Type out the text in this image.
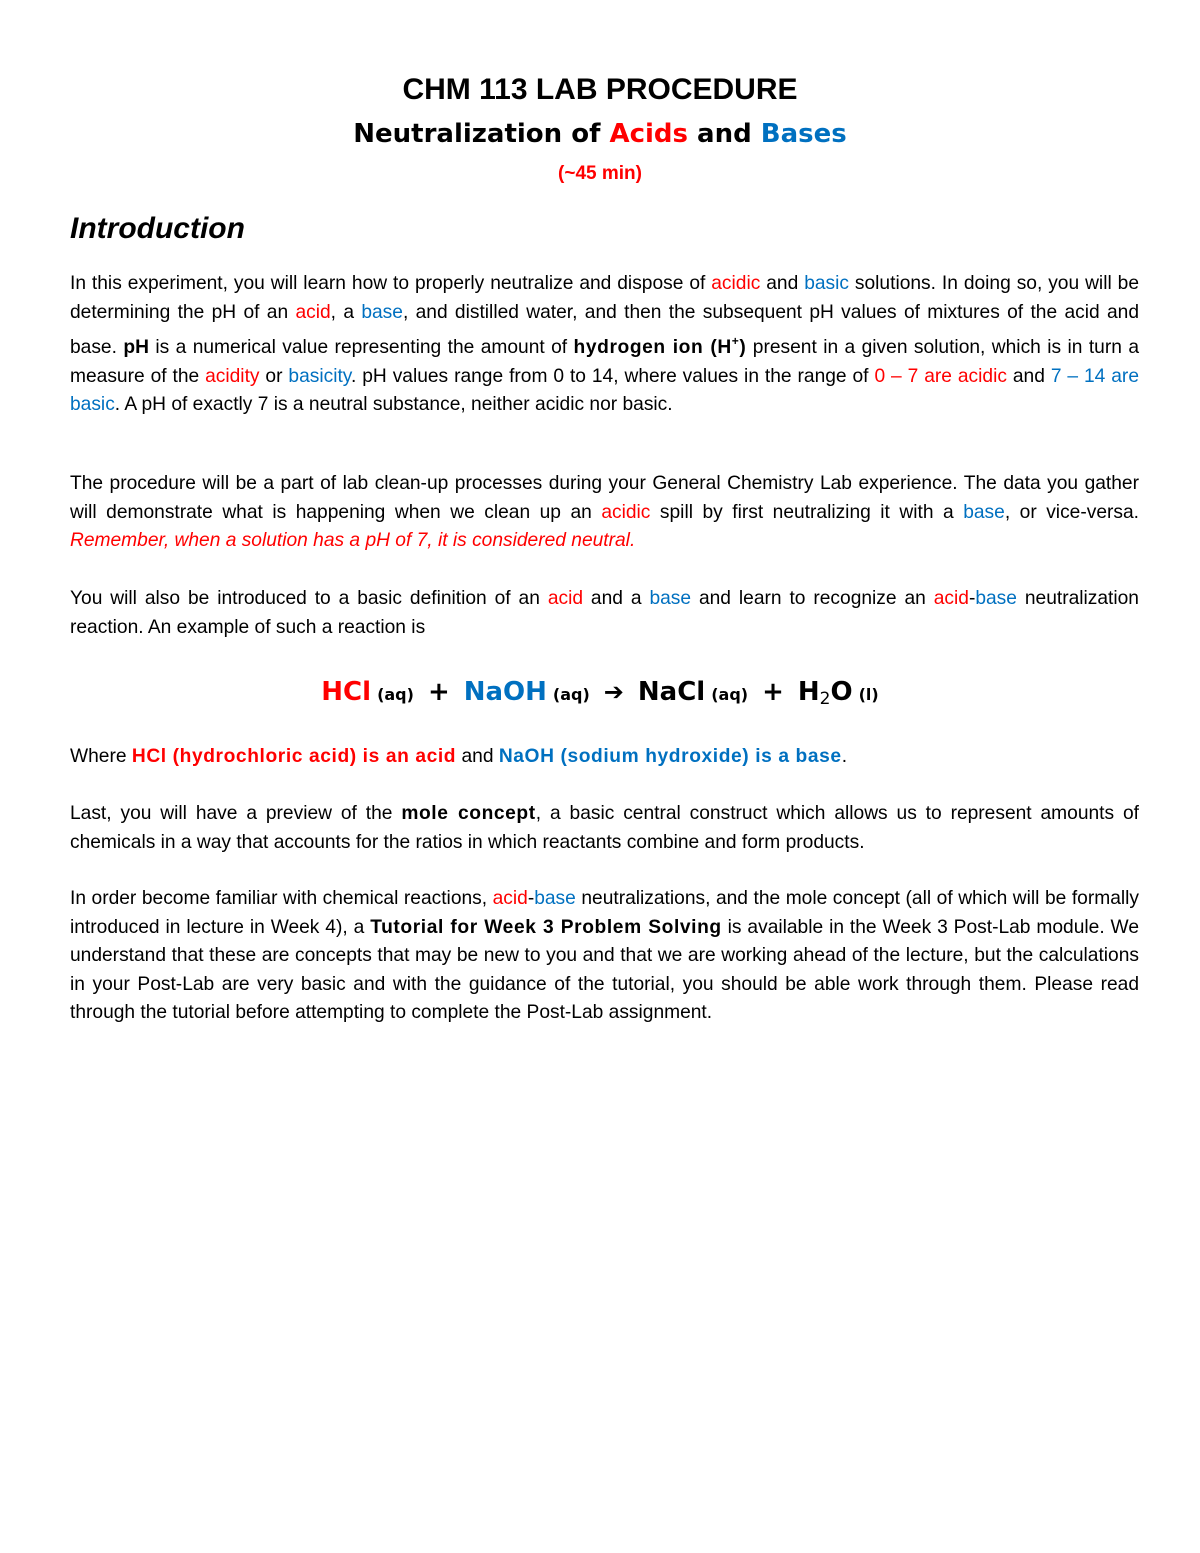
CHM 113 LAB PROCEDURE
Neutralization of Acids and Bases

(~45 min)

Introduction

In this experiment, you will learn how to properly neutralize and dispose of acidic and basic solutions. In doing so, you will be determining the pH of an acid, a base, and distilled water, and then the subsequent pH values of mixtures of the acid and base. pH is a numerical value representing the amount of hydrogen ion (H+) present in a given solution, which is in turn a measure of the acidity or basicity. pH values range from 0 to 14, where values in the range of 0 – 7 are acidic and 7 – 14 are basic. A pH of exactly 7 is a neutral substance, neither acidic nor basic.

The procedure will be a part of lab clean-up processes during your General Chemistry Lab experience. The data you gather will demonstrate what is happening when we clean up an acidic spill by first neutralizing it with a base, or vice-versa. Remember, when a solution has a pH of 7, it is considered neutral.

You will also be introduced to a basic definition of an acid and a base and learn to recognize an acid-base neutralization reaction. An example of such a reaction is

HCl (aq) + NaOH (aq) ➔ NaCl $(aq) + H_2O$ (l)

Where HCl (hydrochloric acid) is an acid and NaOH (sodium hydroxide) is a base.

Last, you will have a preview of the mole concept, a basic central construct which allows us to represent amounts of chemicals in a way that accounts for the ratios in which reactants combine and form products.

In order become familiar with chemical reactions, acid-base neutralizations, and the mole concept (all of which will be formally introduced in lecture in Week 4), a Tutorial for Week 3 Problem Solving is available in the Week 3 Post-Lab module. We understand that these are concepts that may be new to you and that we are working ahead of the lecture, but the calculations in your Post-Lab are very basic and with the guidance of the tutorial, you should be able work through them. Please read through the tutorial before attempting to complete the Post-Lab assignment.
